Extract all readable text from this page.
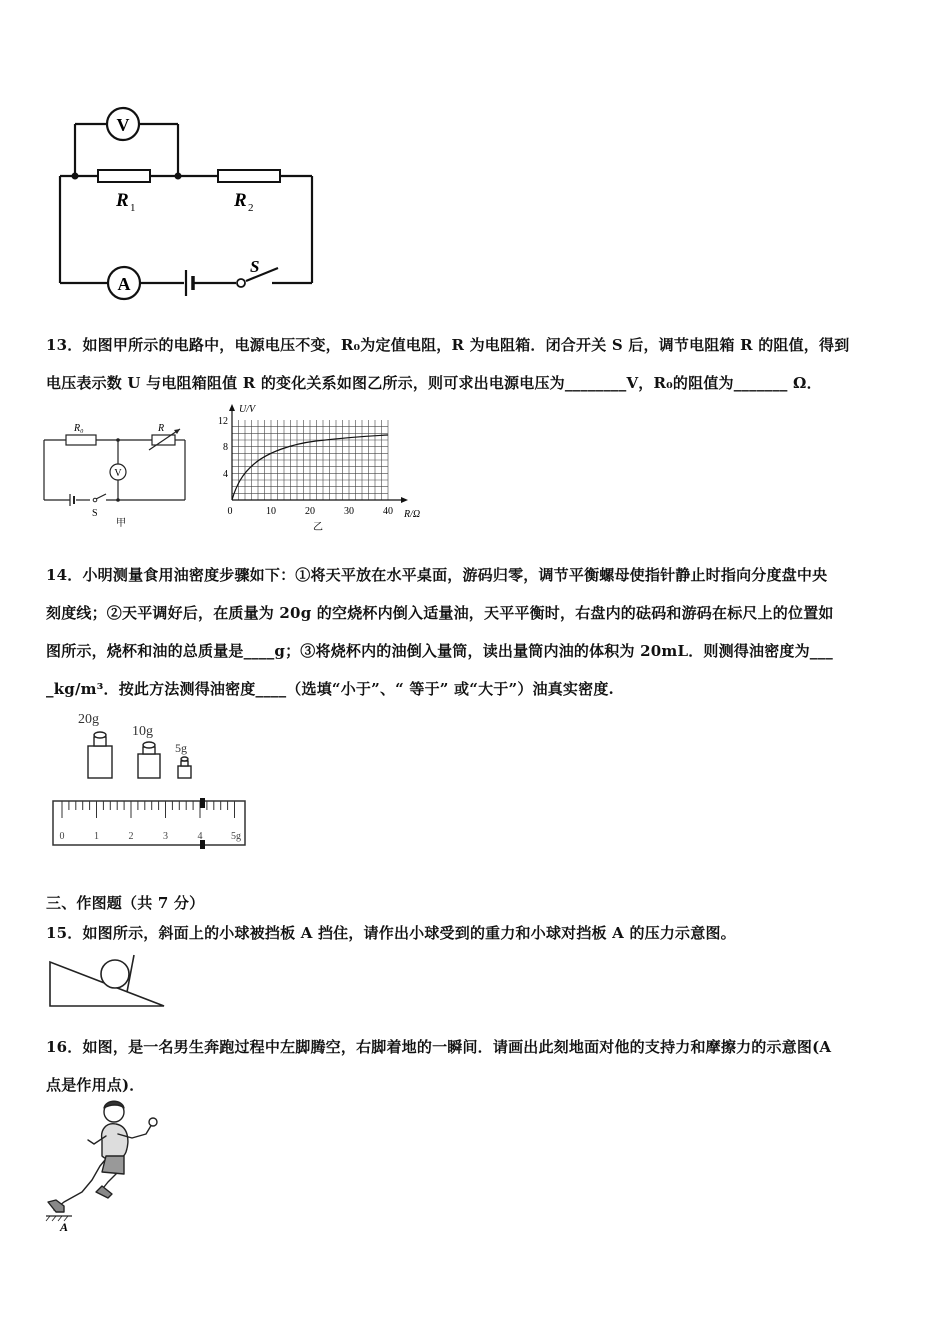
V
A
S
R 1	R 2
13．如图甲所示的电路中，电源电压不变，R₀为定值电阻，R 为电阻箱．闭合开关 S 后，调节电阻箱 R 的阻值，得到
电压表示数 U 与电阻箱阻值 R 的变化关系如图乙所示，则可求出电源电压为________V，R₀的阻值为_______ Ω．
R₀	R
V
S
甲
U/V
R/Ω
12
8
4
0	10	20	30	40
乙
14．小明测量食用油密度步骤如下：①将天平放在水平桌面，游码归零，调节平衡螺母使指针静止时指向分度盘中央
刻度线；②天平调好后，在质量为 20g 的空烧杯内倒入适量油，天平平衡时，右盘内的砝码和游码在标尺上的位置如
图所示，烧杯和油的总质量是____g；③将烧杯内的油倒入量筒，读出量筒内油的体积为 20mL．则测得油密度为___
_kg/m³．按此方法测得油密度____（选填“小于”、“ 等于” 或“大于”）油真实密度.
20g
10g
5g
0	1	2	3	4	5g
三、作图题（共 7 分）
15．如图所示，斜面上的小球被挡板 A 挡住，请作出小球受到的重力和小球对挡板 A 的压力示意图。
16．如图，是一名男生奔跑过程中左脚腾空，右脚着地的一瞬间．请画出此刻地面对他的支持力和摩擦力的示意图(A
点是作用点)．
A
